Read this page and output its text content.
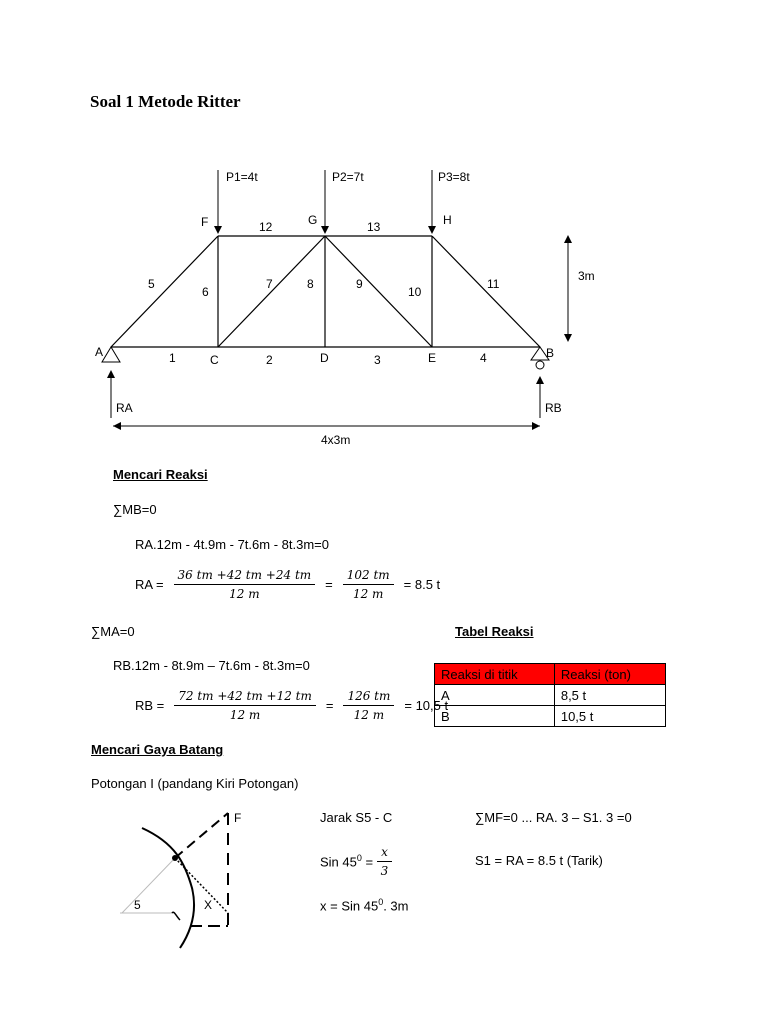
Soal 1 Metode Ritter
P1=4t	P2=7t	P3=8t
F	G	H
A	B
C	D	E
1	2	3	4
5
6
7	8	9
10
11
12	13
3m
4x3m
RA	RB
Mencari Reaksi
∑MB=0
RA.12m - 4t.9m - 7t.6m - 8t.3m=0
RA = $\frac{36 tm +42 tm +24 tm}{12 m} = \frac{102 tm}{12 m} = 8.5$ t
∑MA=0
RB.12m - 8t.9m – 7t.6m - 8t.3m=0
RB = $\frac{72 tm +42 tm +12 tm}{12 m} = \frac{126 tm}{12 m} = 10,5$ t
Tabel Reaksi
Reaksi di titik	Reaksi (ton)
A	8,5 t
B	10,5 t
Mencari Gaya Batang
Potongan I (pandang Kiri Potongan)
F
5	X
Jarak S5 - C
Sin $45^0 = \frac{x}{3}$
x = Sin $45^0$. 3m
∑MF=0 ... RA. 3 – S1. 3 =0
S1 = RA = 8.5 t (Tarik)
